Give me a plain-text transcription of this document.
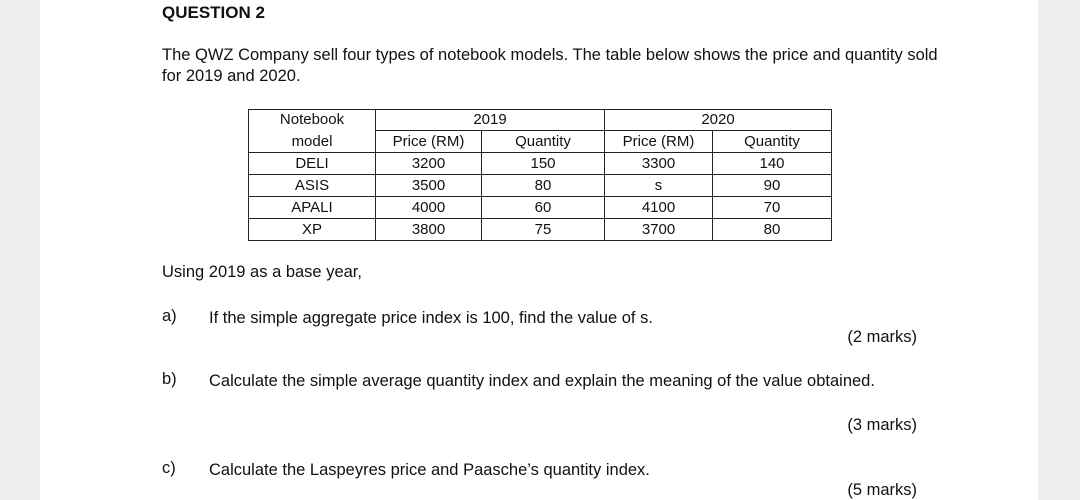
QUESTION 2
The QWZ Company sell four types of notebook models. The table below shows the price and quantity sold for 2019 and 2020.
Notebook	2019		2020	
model	Price (RM)	Quantity	Price (RM)	Quantity
DELI	3200	150	3300	140
ASIS	3500	80	s	90
APALI	4000	60	4100	70
XP	3800	75	3700	80
Using 2019 as a base year,
a) If the simple aggregate price index is 100, find the value of s.
(2 marks)
b) Calculate the simple average quantity index and explain the meaning of the value obtained.
(3 marks)
c) Calculate the Laspeyres price and Paasche’s quantity index.
(5 marks)
